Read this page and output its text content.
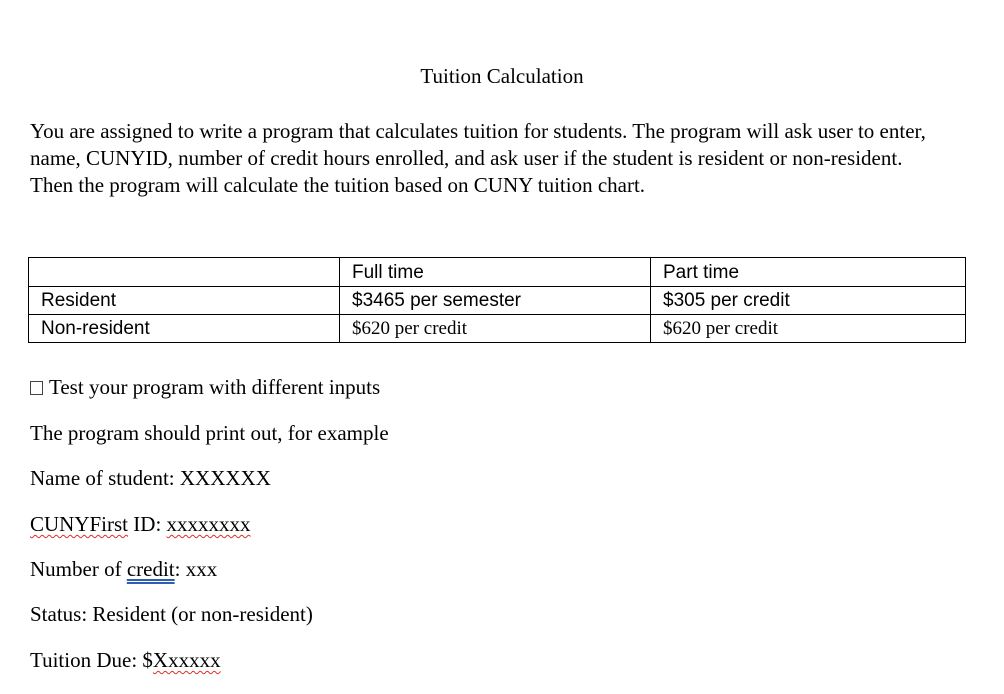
Tuition Calculation

You are assigned to write a program that calculates tuition for students. The program will ask user to enter, name, CUNYID, number of credit hours enrolled, and ask user if the student is resident or non-resident. Then the program will calculate the tuition based on CUNY tuition chart.

	Full time	Part time
Resident	$3465 per semester	$305 per credit
Non-resident	$620 per credit	$620 per credit
Test your program with different inputs
The program should print out, for example
Name of student: XXXXXX
CUNYFirst ID: xxxxxxxx
Number of credit: xxx
Status: Resident (or non-resident)
Tuition Due: $Xxxxxx
